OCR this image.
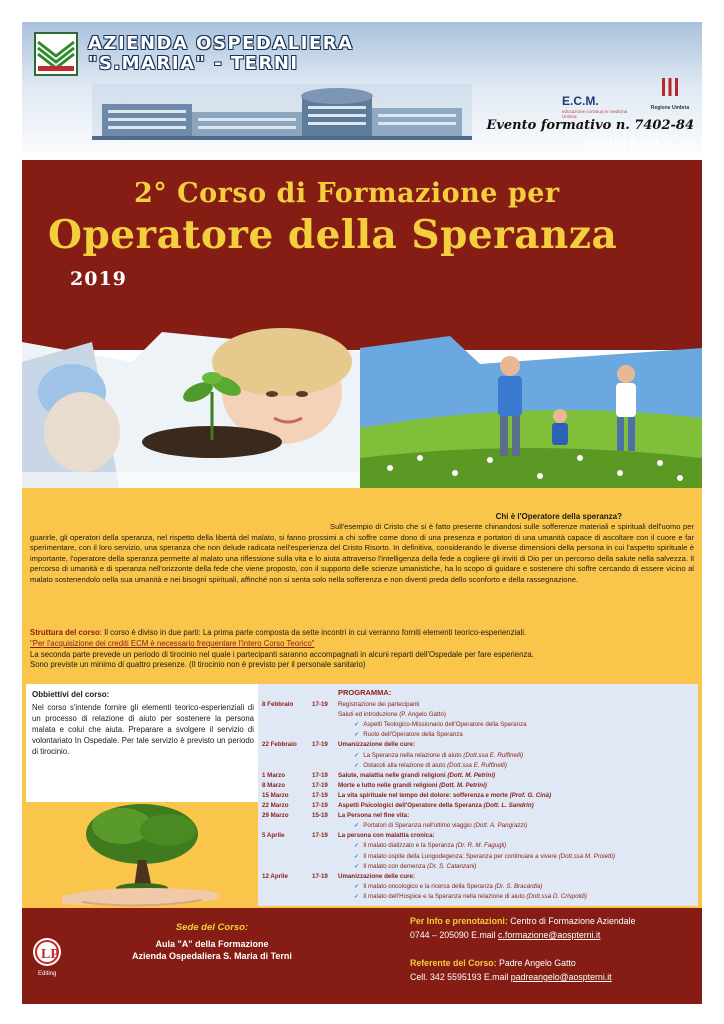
AZIENDA OSPEDALIERA
"S.MARIA" - TERNI
E.C.M.
educazione continua in medicina Umbria
Regione Umbria
Evento formativo n. 7402-84
Crediti ECM n. 20
2° Corso di Formazione per
Operatore della Speranza
2019
Chi è l'Operatore della speranza?

Sull'esempio di Cristo che si è fatto presente chinandosi sulle sofferenze materiali e spirituali dell'uomo per guarirle, gli operatori della speranza, nel rispetto della libertà del malato, si fanno prossimi a chi soffre come dono di una presenza e portatori di una umanità capace di ascoltare con il cuore e far sperimentare, con il loro servizio, una speranza che non delude radicata nell'esperienza del Cristo Risorto. In definitiva, considerando le diverse dimensioni della persona in cui l'aspetto spirituale è importante, l'operatore della speranza permette al malato una riflessione sulla vita e lo aiuta attraverso l'intelligenza della fede a cogliere gli inviti di Dio per un percorso della salute nella salvezza. Il percorso di umanità e di speranza nell'orizzonte della fede che viene proposto, con il supporto delle scienze umanistiche, ha lo scopo di guidare e sostenere chi soffre cercando di essere vicino al malato sostenendolo nella sua umanità e nei bisogni spirituali, affinché non si senta solo nella sofferenza e non diventi preda dello sconforto e della rassegnazione.

Struttura del corso: Il corso è diviso in due parti: La prima parte composta da sette incontri in cui verranno forniti elementi teorico-esperienziali.
"Per l'acquisizione dei crediti ECM è necessario frequentare l'intero Corso Teorico"
La seconda parte prevede un periodo di tirocinio nel quale i partecipanti saranno accompagnati in alcuni reparti dell'Ospedale per fare esperienza.
Sono previste un minimo di quattro presenze. (Il tirocinio non è previsto per il personale sanitario)
Obbiettivi del corso:
Nel corso s'intende fornire gli elementi teorico-esperienziali di un processo di relazione di aiuto per sostenere la persona malata e colui che aiuta. Preparare a svolgere il servizio di volontariato In Ospedale. Per tale servizio è previsto un periodo di tirocinio.
PROGRAMMA:
8 Febbraio	17-19 Registrazione dei partecipanti
Saluti ed introduzione (P. Angelo Gatto)
✓ Aspetti Teologico-Missionario dell'Operatore della Speranza
✓ Ruolo dell'Operatore della Speranza
22 Febbraio 17-19 Umanizzazione delle cure:
✓ La Speranza nella relazione di aiuto (Dott.ssa E. Ruffinelli)
✓ Ostacoli alla relazione di aiuto (Dott.ssa E. Ruffinelli)
1 Marzo	17-19 Salute, malattia nelle grandi religioni (Dott. M. Petrini)
8 Marzo	17-19 Morte e lutto nelle grandi religioni (Dott. M. Petrini)
15 Marzo	17-19 La vita spirituale nel tempo del dolore: sofferenza e morte (Prof. G. Cinà)
22 Marzo	17-19 Aspetti Psicologici dell'Operatore della Speranza (Dott. L. Sandrin)
29 Marzo	15-19 La Persona nel fine vita:
✓ Portatori di Speranza nell'ultimo viaggio (Dott. A. Pangrazzi)
5 Aprile	17-19 La persona con malattia cronica:
✓ Il malato dializzato e la Speranza (Dr. R. M. Fagugli)
✓ Il malato ospite della Lungodegenza: Speranza per continuare a vivere (Dott.ssa M. Proietti)
✓ Il malato con demenza (Dr. S. Catanzani)
12 Aprile	17-19 Umanizzazione delle cure:
✓ Il malato oncologico e la ricerca della Speranza (Dr. S. Bracardia)
✓ Il malato dell'Hospice e la Speranza nella relazione di aiuto (Dott.ssa D. Crispoldi)
LP
Editing
Sede del Corso:
Aula "A" della Formazione
Azienda Ospedaliera S. Maria di Terni
Per Info e prenotazioni: Centro di Formazione Aziendale
0744 – 205090 E.mail c.formazione@aospterni.it
Referente del Corso: Padre Angelo Gatto
Cell. 342 5595193 E.mail padreangelo@aospterni.it
